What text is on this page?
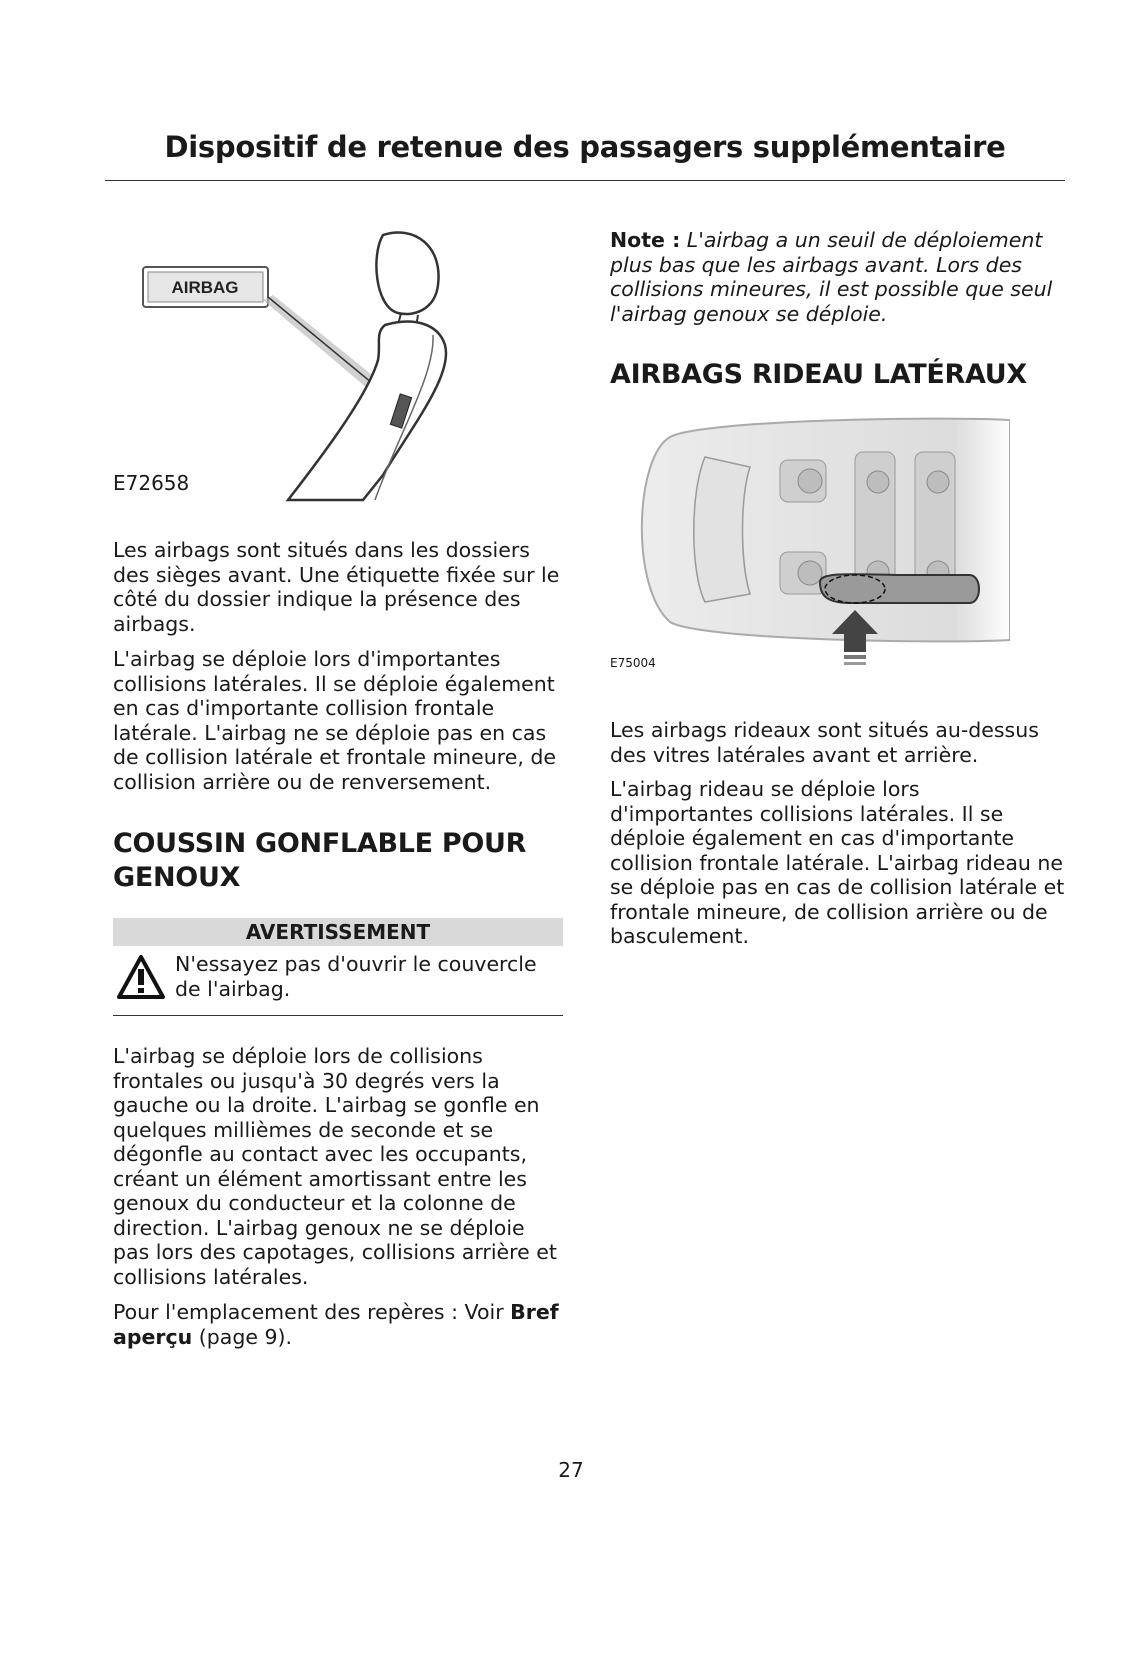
Dispositif de retenue des passagers supplémentaire
AIRBAG
E72658

Les airbags sont situés dans les dossiers des sièges avant. Une étiquette fixée sur le côté du dossier indique la présence des airbags.

L'airbag se déploie lors d'importantes collisions latérales. Il se déploie également en cas d'importante collision frontale latérale. L'airbag ne se déploie pas en cas de collision latérale et frontale mineure, de collision arrière ou de renversement.

COUSSIN GONFLABLE POUR
GENOUX
AVERTISSEMENT
N'essayez pas d'ouvrir le couvercle de l'airbag.

L'airbag se déploie lors de collisions frontales ou jusqu'à 30 degrés vers la gauche ou la droite. L'airbag se gonfle en quelques millièmes de seconde et se dégonfle au contact avec les occupants, créant un élément amortissant entre les genoux du conducteur et la colonne de direction. L'airbag genoux ne se déploie pas lors des capotages, collisions arrière et collisions latérales.

Pour l'emplacement des repères : Voir Bref aperçu (page 9).

Note : L'airbag a un seuil de déploiement plus bas que les airbags avant. Lors des collisions mineures, il est possible que seul l'airbag genoux se déploie.

AIRBAGS RIDEAU LATÉRAUX
E75004

Les airbags rideaux sont situés au-dessus des vitres latérales avant et arrière.

L'airbag rideau se déploie lors d'importantes collisions latérales. Il se déploie également en cas d'importante collision frontale latérale. L'airbag rideau ne se déploie pas en cas de collision latérale et frontale mineure, de collision arrière ou de basculement.

27
